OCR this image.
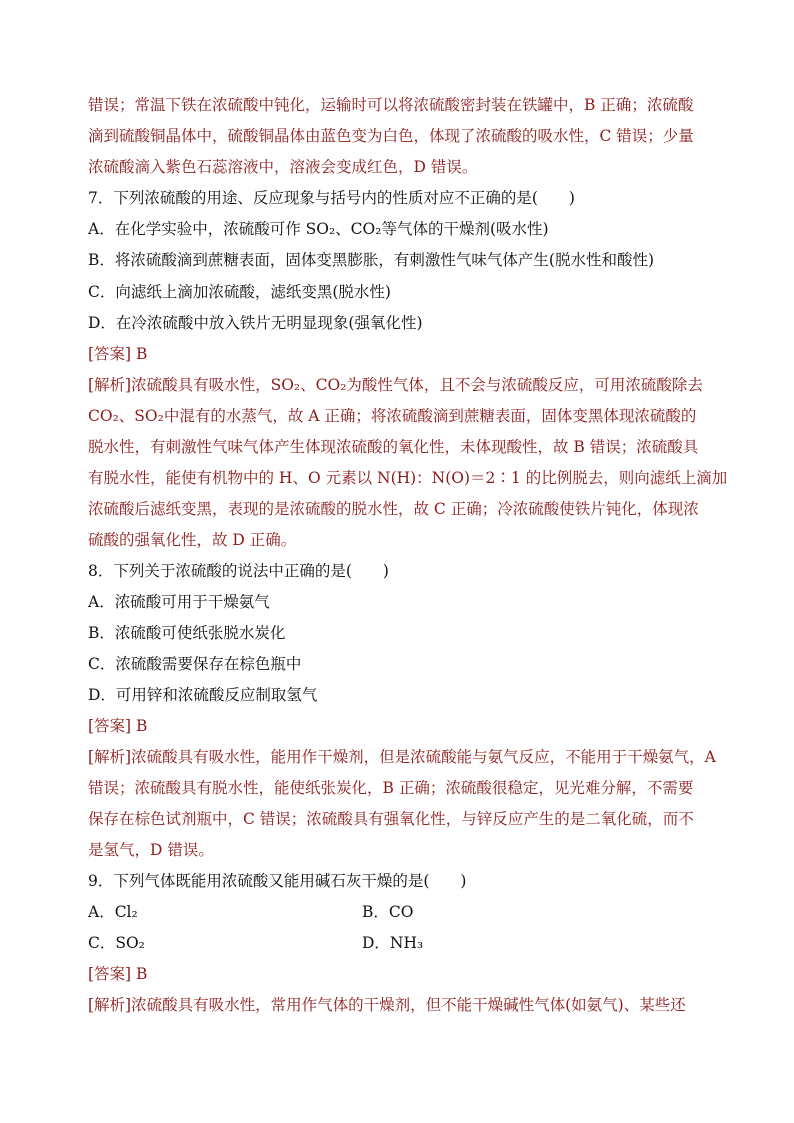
错误；常温下铁在浓硫酸中钝化，运输时可以将浓硫酸密封装在铁罐中，B 正确；浓硫酸
滴到硫酸铜晶体中，硫酸铜晶体由蓝色变为白色，体现了浓硫酸的吸水性，C 错误；少量
浓硫酸滴入紫色石蕊溶液中，溶液会变成红色，D 错误。
7．下列浓硫酸的用途、反应现象与括号内的性质对应不正确的是(　　)
A．在化学实验中，浓硫酸可作 SO₂、CO₂等气体的干燥剂(吸水性)
B．将浓硫酸滴到蔗糖表面，固体变黑膨胀，有刺激性气味气体产生(脱水性和酸性)
C．向滤纸上滴加浓硫酸，滤纸变黑(脱水性)
D．在冷浓硫酸中放入铁片无明显现象(强氧化性)
[答案] B
[解析]浓硫酸具有吸水性，SO₂、CO₂为酸性气体，且不会与浓硫酸反应，可用浓硫酸除去
CO₂、SO₂中混有的水蒸气，故 A 正确；将浓硫酸滴到蔗糖表面，固体变黑体现浓硫酸的
脱水性，有刺激性气味气体产生体现浓硫酸的氧化性，未体现酸性，故 B 错误；浓硫酸具
有脱水性，能使有机物中的 H、O 元素以 N(H)：N(O)＝2∶1 的比例脱去，则向滤纸上滴加
浓硫酸后滤纸变黑，表现的是浓硫酸的脱水性，故 C 正确；冷浓硫酸使铁片钝化，体现浓
硫酸的强氧化性，故 D 正确。
8．下列关于浓硫酸的说法中正确的是(　　)
A．浓硫酸可用于干燥氨气
B．浓硫酸可使纸张脱水炭化
C．浓硫酸需要保存在棕色瓶中
D．可用锌和浓硫酸反应制取氢气
[答案] B
[解析]浓硫酸具有吸水性，能用作干燥剂，但是浓硫酸能与氨气反应，不能用于干燥氨气，A
错误；浓硫酸具有脱水性，能使纸张炭化，B 正确；浓硫酸很稳定，见光难分解，不需要
保存在棕色试剂瓶中，C 错误；浓硫酸具有强氧化性，与锌反应产生的是二氧化硫，而不
是氢气，D 错误。
9．下列气体既能用浓硫酸又能用碱石灰干燥的是(　　)
[答案] B
[解析]浓硫酸具有吸水性，常用作气体的干燥剂，但不能干燥碱性气体(如氨气)、某些还
A．Cl₂	B．CO
C．SO₂	D．NH₃
